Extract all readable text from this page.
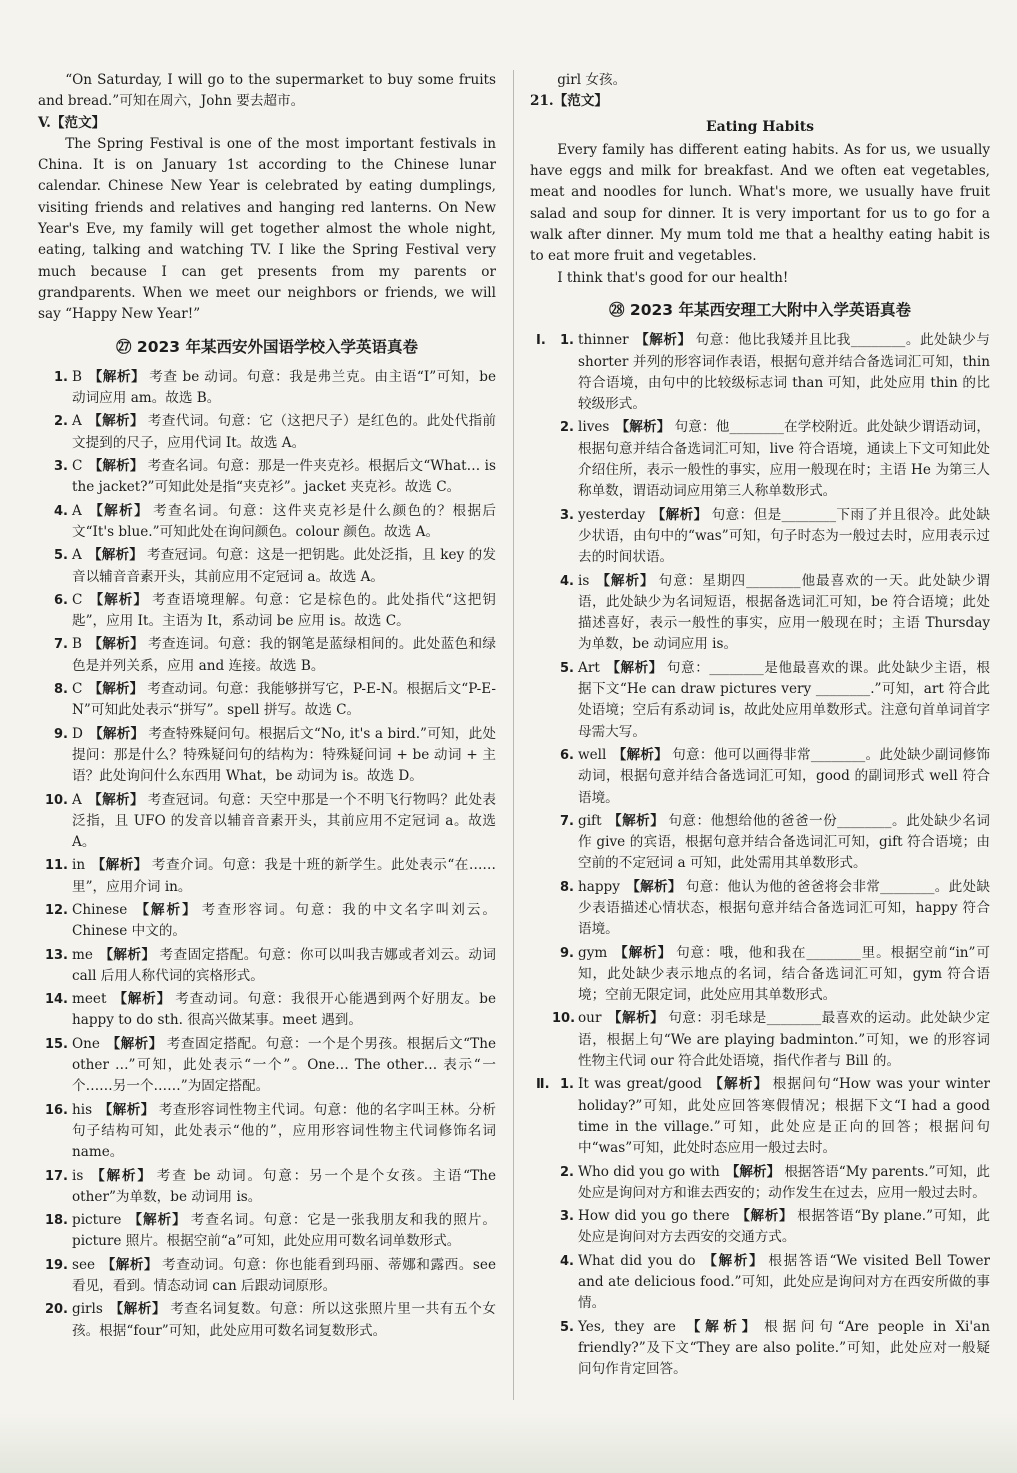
“On Saturday, I will go to the supermarket to buy some fruits and bread.”可知在周六，John 要去超市。

V.【范文】

The Spring Festival is one of the most important festivals in China. It is on January 1st according to the Chinese lunar calendar. Chinese New Year is celebrated by eating dumplings, visiting friends and relatives and hanging red lanterns. On New Year's Eve, my family will get together almost the whole night, eating, talking and watching TV. I like the Spring Festival very much because I can get presents from my parents or grandparents. When we meet our neighbors or friends, we will say “Happy New Year!”

㉗ 2023 年某西安外国语学校入学英语真卷
1. B 【解析】 考查 be 动词。句意：我是弗兰克。由主语“I”可知，be 动词应用 am。故选 B。
2. A 【解析】 考查代词。句意：它（这把尺子）是红色的。此处代指前文提到的尺子，应用代词 It。故选 A。
3. C 【解析】 考查名词。句意：那是一件夹克衫。根据后文“What… is the jacket?”可知此处是指“夹克衫”。jacket 夹克衫。故选 C。
4. A 【解析】 考查名词。句意：这件夹克衫是什么颜色的？根据后文“It's blue.”可知此处在询问颜色。colour 颜色。故选 A。
5. A 【解析】 考查冠词。句意：这是一把钥匙。此处泛指，且 key 的发音以辅音音素开头，其前应用不定冠词 a。故选 A。
6. C 【解析】 考查语境理解。句意：它是棕色的。此处指代“这把钥匙”，应用 It。主语为 It，系动词 be 应用 is。故选 C。
7. B 【解析】 考查连词。句意：我的钢笔是蓝绿相间的。此处蓝色和绿色是并列关系，应用 and 连接。故选 B。
8. C 【解析】 考查动词。句意：我能够拼写它，P-E-N。根据后文“P-E-N”可知此处表示“拼写”。spell 拼写。故选 C。
9. D 【解析】 考查特殊疑问句。根据后文“No, it's a bird.”可知，此处提问：那是什么？特殊疑问句的结构为：特殊疑问词 + be 动词 + 主语？此处询问什么东西用 What，be 动词为 is。故选 D。
10. A 【解析】 考查冠词。句意：天空中那是一个不明飞行物吗？此处表泛指，且 UFO 的发音以辅音音素开头，其前应用不定冠词 a。故选 A。
11. in 【解析】 考查介词。句意：我是十班的新学生。此处表示“在……里”，应用介词 in。
12. Chinese 【解析】 考查形容词。句意：我的中文名字叫刘云。Chinese 中文的。
13. me 【解析】 考查固定搭配。句意：你可以叫我吉娜或者刘云。动词 call 后用人称代词的宾格形式。
14. meet 【解析】 考查动词。句意：我很开心能遇到两个好朋友。be happy to do sth. 很高兴做某事。meet 遇到。
15. One 【解析】 考查固定搭配。句意：一个是个男孩。根据后文“The other …”可知，此处表示“一个”。One… The other… 表示“一个……另一个……”为固定搭配。
16. his 【解析】 考查形容词性物主代词。句意：他的名字叫王林。分析句子结构可知，此处表示“他的”，应用形容词性物主代词修饰名词 name。
17. is 【解析】 考查 be 动词。句意：另一个是个女孩。主语“The other”为单数，be 动词用 is。
18. picture 【解析】 考查名词。句意：它是一张我朋友和我的照片。picture 照片。根据空前“a”可知，此处应用可数名词单数形式。
19. see 【解析】 考查动词。句意：你也能看到玛丽、蒂娜和露西。see 看见，看到。情态动词 can 后跟动词原形。
20. girls 【解析】 考查名词复数。句意：所以这张照片里一共有五个女孩。根据“four”可知，此处应用可数名词复数形式。

girl 女孩。

21.【范文】

Eating Habits

Every family has different eating habits. As for us, we usually have eggs and milk for breakfast. And we often eat vegetables, meat and noodles for lunch. What's more, we usually have fruit salad and soup for dinner. It is very important for us to go for a walk after dinner. My mum told me that a healthy eating habit is to eat more fruit and vegetables.

I think that's good for our health!

㉘ 2023 年某西安理工大附中入学英语真卷
Ⅰ.	1. thinner 【解析】 句意：他比我矮并且比我________。此处缺少与 shorter 并列的形容词作表语，根据句意并结合备选词汇可知，thin 符合语境，由句中的比较级标志词 than 可知，此处应用 thin 的比较级形式。
2. lives 【解析】 句意：他________在学校附近。此处缺少谓语动词，根据句意并结合备选词汇可知，live 符合语境，通读上下文可知此处介绍住所，表示一般性的事实，应用一般现在时；主语 He 为第三人称单数，谓语动词应用第三人称单数形式。
3. yesterday 【解析】 句意：但是________下雨了并且很冷。此处缺少状语，由句中的“was”可知，句子时态为一般过去时，应用表示过去的时间状语。
4. is 【解析】 句意：星期四________他最喜欢的一天。此处缺少谓语，此处缺少为名词短语，根据备选词汇可知，be 符合语境；此处描述喜好，表示一般性的事实，应用一般现在时；主语 Thursday 为单数，be 动词应用 is。
5. Art 【解析】 句意：________是他最喜欢的课。此处缺少主语，根据下文“He can draw pictures very ________.”可知，art 符合此处语境；空后有系动词 is，故此处应用单数形式。注意句首单词首字母需大写。
6. well 【解析】 句意：他可以画得非常________。此处缺少副词修饰动词，根据句意并结合备选词汇可知，good 的副词形式 well 符合语境。
7. gift 【解析】 句意：他想给他的爸爸一份________。此处缺少名词作 give 的宾语，根据句意并结合备选词汇可知，gift 符合语境；由空前的不定冠词 a 可知，此处需用其单数形式。
8. happy 【解析】 句意：他认为他的爸爸将会非常________。此处缺少表语描述心情状态，根据句意并结合备选词汇可知，happy 符合语境。
9. gym 【解析】 句意：哦，他和我在________里。根据空前“in”可知，此处缺少表示地点的名词，结合备选词汇可知，gym 符合语境；空前无限定词，此处应用其单数形式。
10. our 【解析】 句意：羽毛球是________最喜欢的运动。此处缺少定语，根据上句“We are playing badminton.”可知，we 的形容词性物主代词 our 符合此处语境，指代作者与 Bill 的。
Ⅱ. 1. It was great/good 【解析】 根据问句“How was your winter holiday?”可知，此处应回答寒假情况；根据下文“I had a good time in the village.”可知，此处应是正向的回答；根据问句中“was”可知，此处时态应用一般过去时。
2. Who did you go with 【解析】 根据答语“My parents.”可知，此处应是询问对方和谁去西安的；动作发生在过去，应用一般过去时。
3. How did you go there 【解析】 根据答语“By plane.”可知，此处应是询问对方去西安的交通方式。
4. What did you do 【解析】 根据答语“We visited Bell Tower and ate delicious food.”可知，此处应是询问对方在西安所做的事情。
5. Yes, they are 【解析】 根据问句“Are people in Xi'an friendly?”及下文“They are also polite.”可知，此处应对一般疑问句作肯定回答。
